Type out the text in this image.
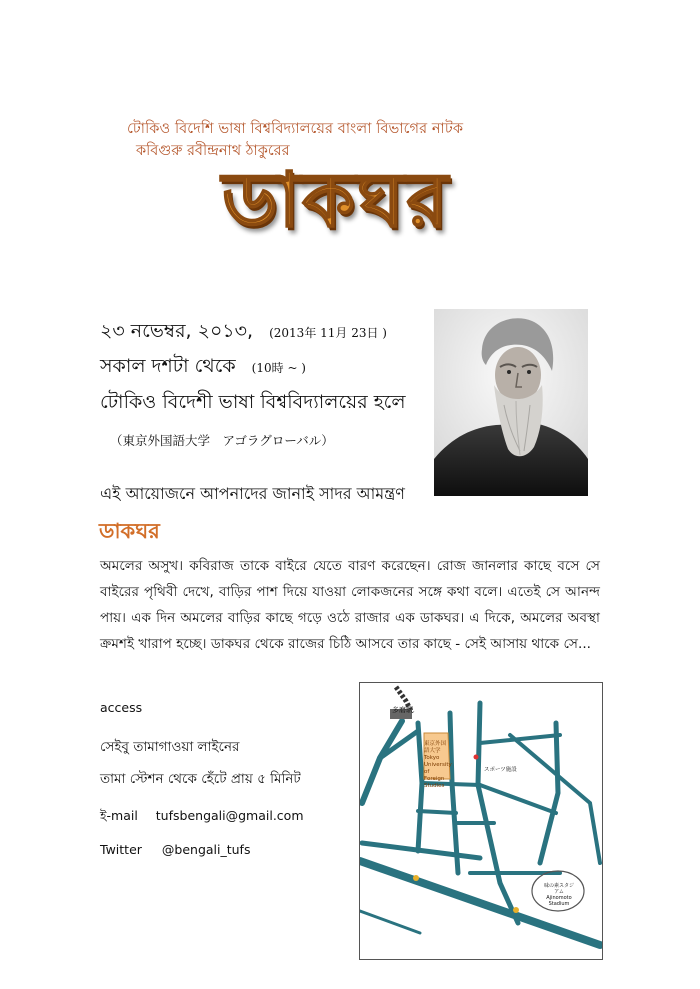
টোকিও বিদেশি ভাষা বিশ্ববিদ্যালয়ের বাংলা বিভাগের নাটক
কবিগুরু রবীন্দ্রনাথ ঠাকুরের
ডাকঘর
২৩ নভেম্বর, ২০১৩, (2013年 11月 23日 )
সকাল দশটা থেকে (10時 ~ )
টোকিও বিদেশী ভাষা বিশ্ববিদ্যালয়ের হলে
（東京外国語大学　アゴラグローバル）
এই আয়োজনে আপনাদের জানাই সাদর আমন্ত্রণ
ডাকঘর
অমলের অসুখ। কবিরাজ তাকে বাইরে যেতে বারণ করেছেন। রোজ জানলার কাছে বসে সে বাইরের পৃথিবী দেখে, বাড়ির পাশ দিয়ে যাওয়া লোকজনের সঙ্গে কথা বলে। এতেই সে আনন্দ পায়। এক দিন অমলের বাড়ির কাছে গড়ে ওঠে রাজার এক ডাকঘর। এ দিকে, অমলের অবস্থা ক্রমশই খারাপ হচ্ছে। ডাকঘর থেকে রাজের চিঠি আসবে তার কাছে - সেই আসায় থাকে সে...
access
সেইবু তামাগাওয়া লাইনের
তামা স্টেশন থেকে হেঁটে প্রায় ৫ মিনিট
ই-mail tufsbengali@gmail.com
Twitter @bengali_tufs
多磨駅
東京外国語大学
Tokyo University of Foreign Studies
スポーツ施設
味の素スタジアム
Ajinomoto Stadium
